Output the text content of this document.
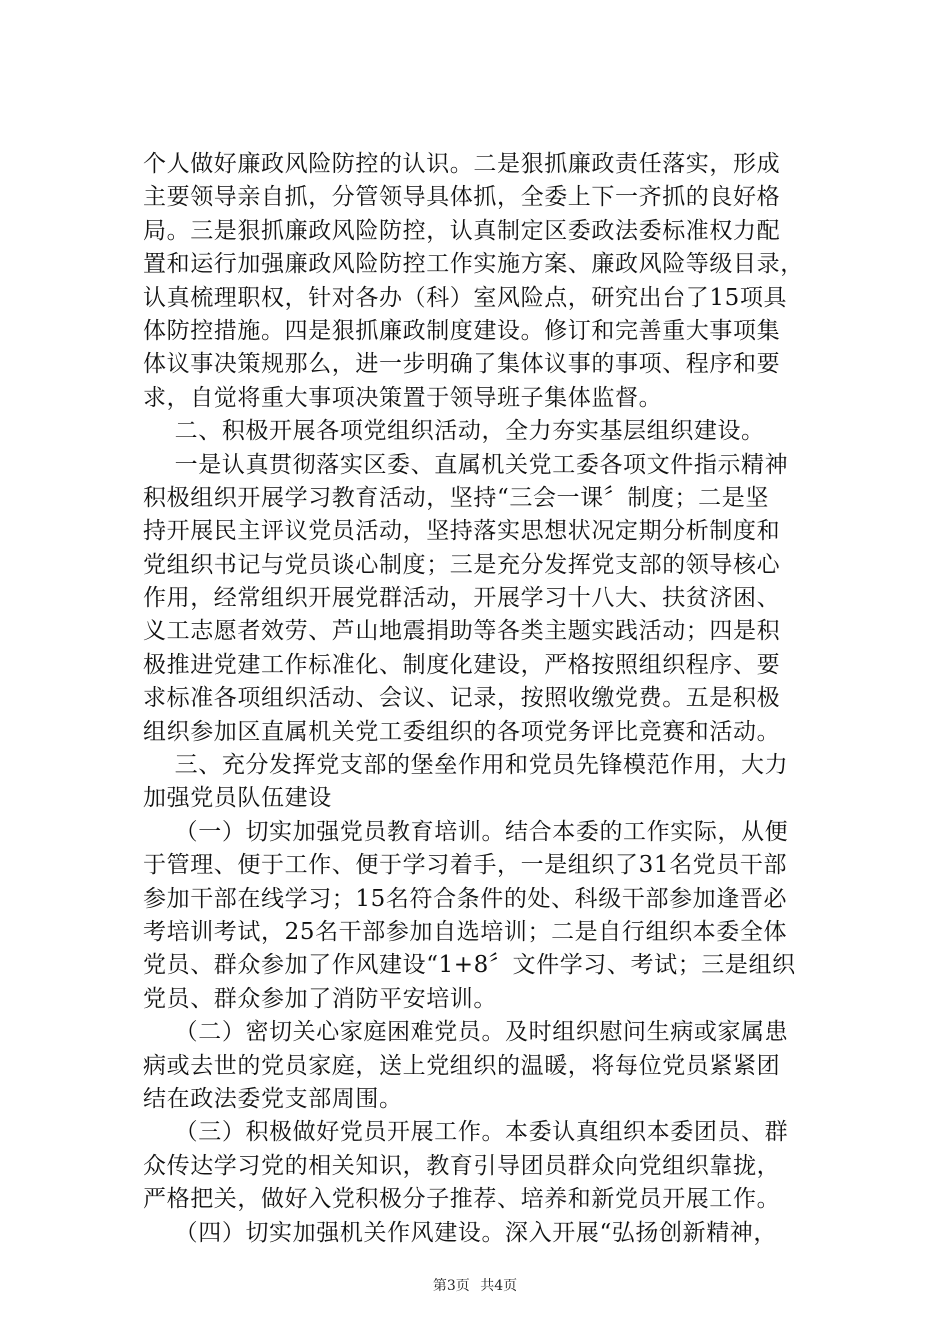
个人做好廉政风险防控的认识。二是狠抓廉政责任落实，形成
主要领导亲自抓，分管领导具体抓，全委上下一齐抓的良好格
局。三是狠抓廉政风险防控，认真制定区委政法委标准权力配
置和运行加强廉政风险防控工作实施方案、廉政风险等级目录，
认真梳理职权，针对各办（科）室风险点，研究出台了15项具
体防控措施。四是狠抓廉政制度建设。修订和完善重大事项集
体议事决策规那么，进一步明确了集体议事的事项、程序和要
求，自觉将重大事项决策置于领导班子集体监督。
二、积极开展各项党组织活动，全力夯实基层组织建设。
一是认真贯彻落实区委、直属机关党工委各项文件指示精神
积极组织开展学习教育活动，坚持“三会一课〞制度；二是坚
持开展民主评议党员活动，坚持落实思想状况定期分析制度和
党组织书记与党员谈心制度；三是充分发挥党支部的领导核心
作用，经常组织开展党群活动，开展学习十八大、扶贫济困、
义工志愿者效劳、芦山地震捐助等各类主题实践活动；四是积
极推进党建工作标准化、制度化建设，严格按照组织程序、要
求标准各项组织活动、会议、记录，按照收缴党费。五是积极
组织参加区直属机关党工委组织的各项党务评比竞赛和活动。
三、充分发挥党支部的堡垒作用和党员先锋模范作用，大力
加强党员队伍建设
（一）切实加强党员教育培训。结合本委的工作实际，从便
于管理、便于工作、便于学习着手，一是组织了31名党员干部
参加干部在线学习；15名符合条件的处、科级干部参加逢晋必
考培训考试，25名干部参加自选培训；二是自行组织本委全体
党员、群众参加了作风建设“1+8〞文件学习、考试；三是组织
党员、群众参加了消防平安培训。
（二）密切关心家庭困难党员。及时组织慰问生病或家属患
病或去世的党员家庭，送上党组织的温暖，将每位党员紧紧团
结在政法委党支部周围。
（三）积极做好党员开展工作。本委认真组织本委团员、群
众传达学习党的相关知识，教育引导团员群众向党组织靠拢，
严格把关，做好入党积极分子推荐、培养和新党员开展工作。
（四）切实加强机关作风建设。深入开展“弘扬创新精神，
第3页 共4页
